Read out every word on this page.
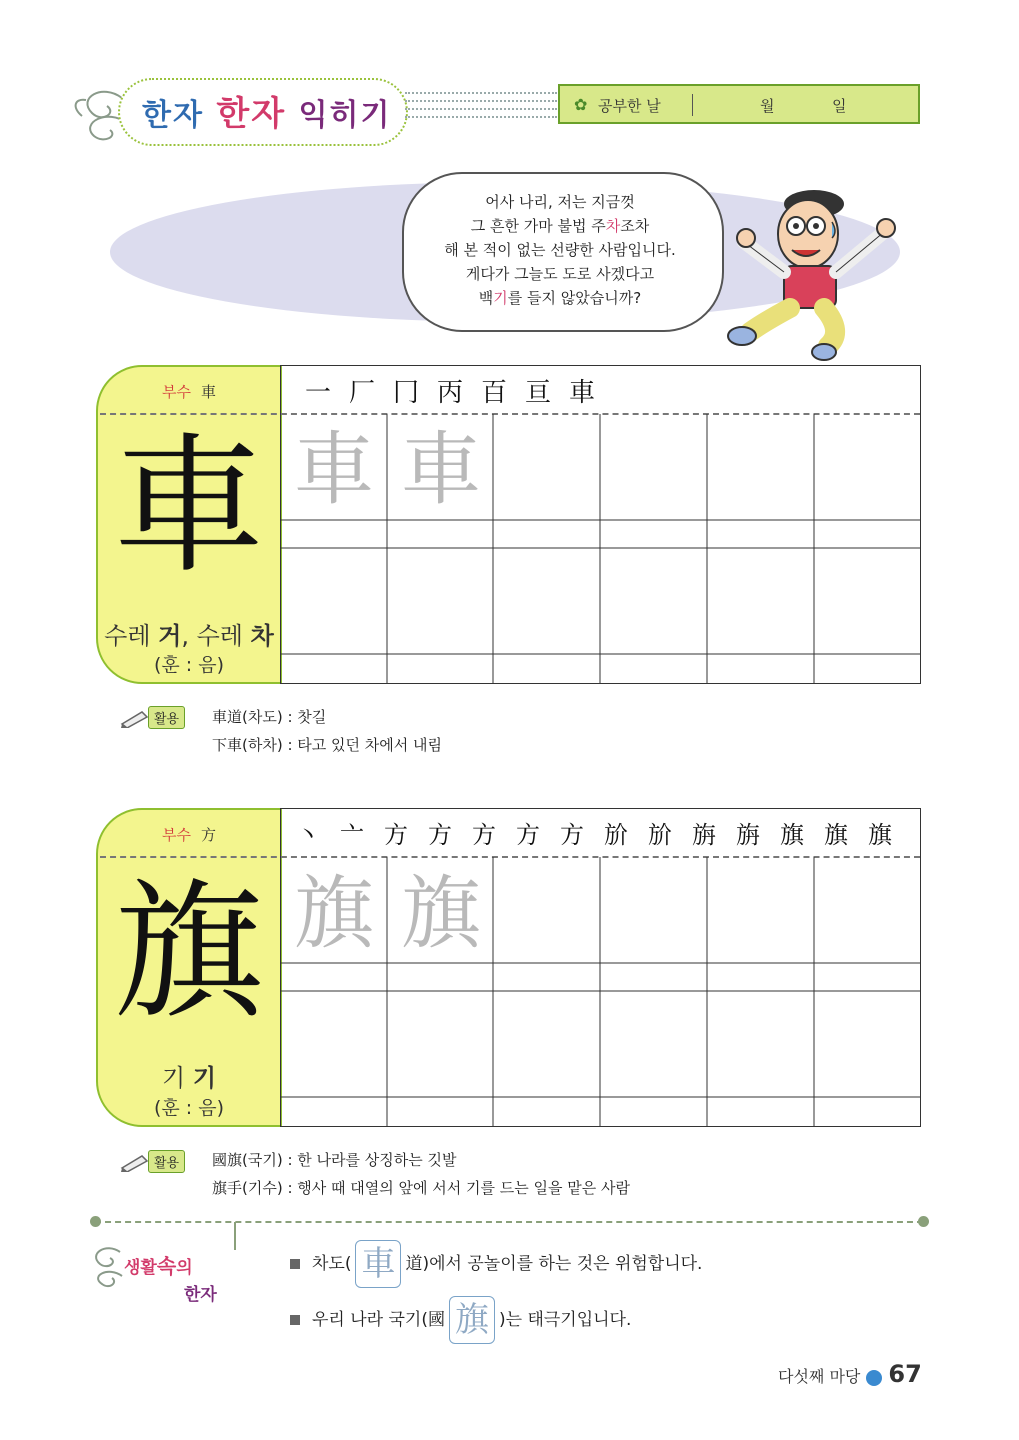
한자 한자 익히기	✿ 공부한 날	월	일
어사 나리, 저는 지금껏
그 흔한 가마 불법 주차조차
해 본 적이 없는 선량한 사람입니다.
게다가 그늘도 도로 사겠다고
백기를 들지 않았습니까?
부수 車
車
수레 거, 수레 차
(훈 : 음)
一 厂 冂 丙 百 亘 車
車 車
활용	車道(차도) : 찻길
下車(하차) : 타고 있던 차에서 내림
부수 方
旗
기 기
(훈 : 음)
丶 亠 方 方 方 方 方 斺 斺 旃 旃 旗 旗 旗
旗 旗
활용	國旗(국기) : 한 나라를 상징하는 깃발
旗手(기수) : 행사 때 대열의 앞에 서서 기를 드는 일을 맡은 사람
생활속의
한자
차도( 車 道)에서 공놀이를 하는 것은 위험합니다.
우리 나라 국기(國 旗 )는 태극기입니다.
다섯째 마당 67
